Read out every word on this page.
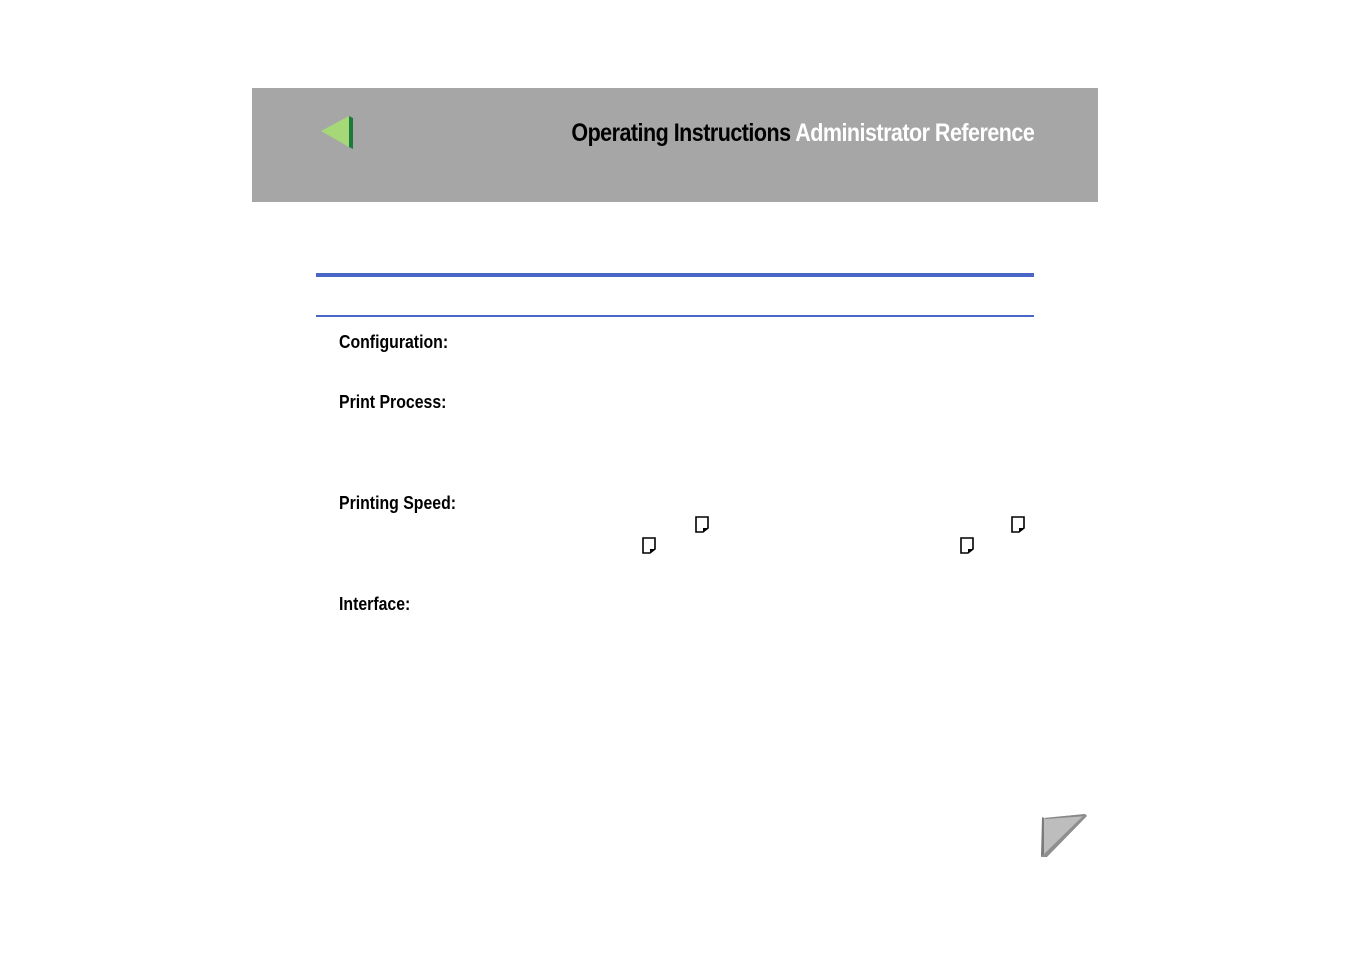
Operating Instructions Administrator Reference
Configuration:
Print Process:
Printing Speed:
Interface:
